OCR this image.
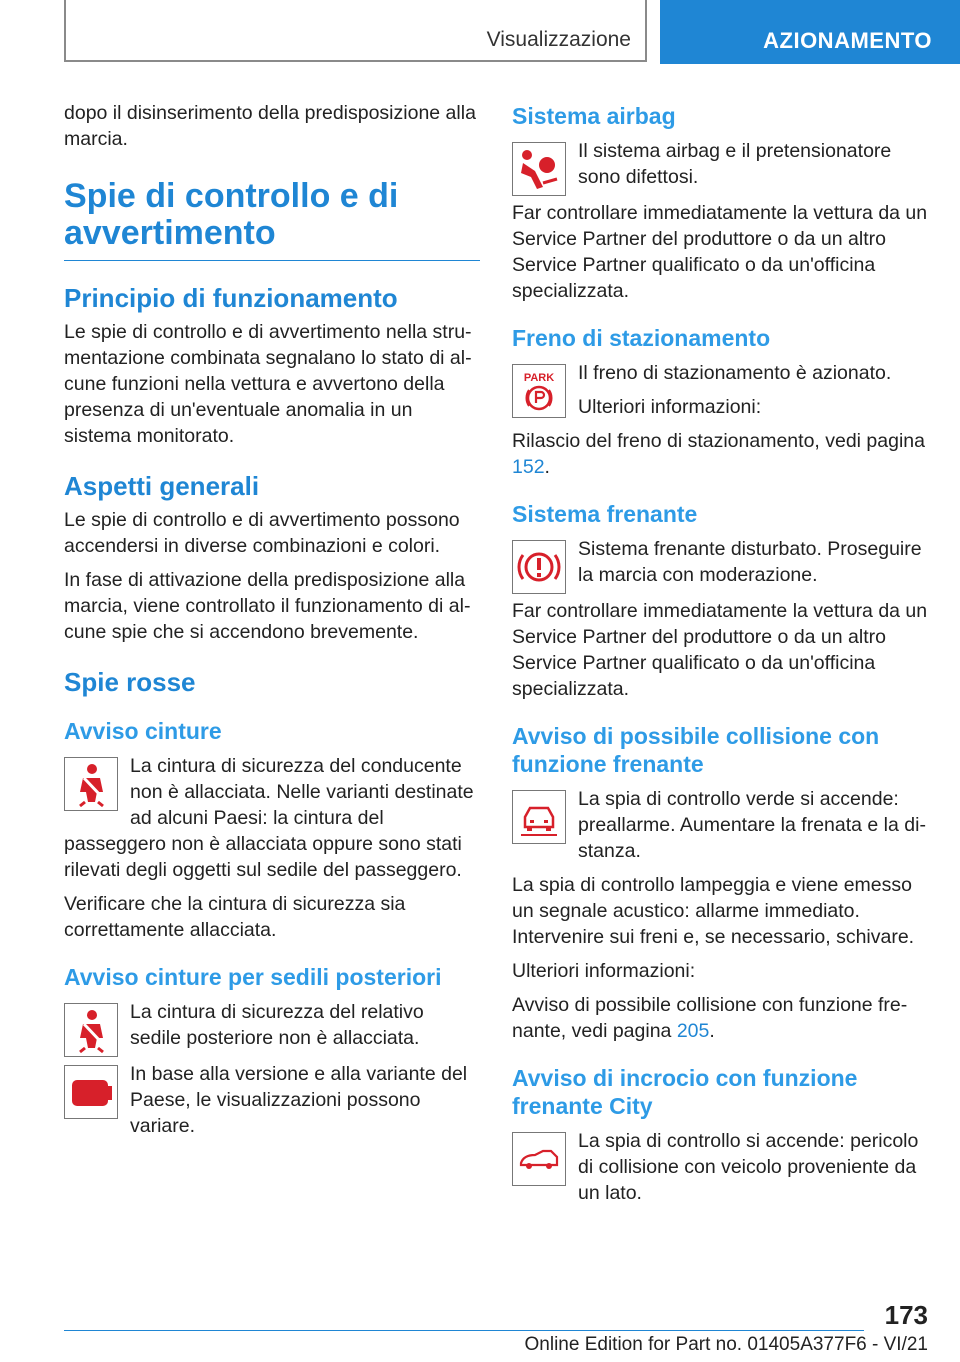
Visualizzazione	AZIONAMENTO

dopo il disinserimento della predisposizione alla marcia.

Spie di controllo e di avvertimento
Principio di funzionamento

Le spie di controllo e di avvertimento nella strumentazione combinata segnalano lo stato di alcune funzioni nella vettura e avvertono della presenza di un'eventuale anomalia in un sistema monitorato.

Aspetti generali

Le spie di controllo e di avvertimento possono accendersi in diverse combinazioni e colori.

In fase di attivazione della predisposizione alla marcia, viene controllato il funzionamento di alcune spie che si accendono brevemente.

Spie rosse
Avviso cinture

La cintura di sicurezza del conducente non è allacciata. Nelle varianti destinate ad alcuni Paesi: la cintura del passeggero non è allacciata oppure sono stati rilevati degli oggetti sul sedile del passeggero.

Verificare che la cintura di sicurezza sia correttamente allacciata.

Avviso cinture per sedili posteriori

La cintura di sicurezza del relativo sedile posteriore non è allacciata.

In base alla versione e alla variante del Paese, le visualizzazioni possono variare.

Sistema airbag

Il sistema airbag e il pretensionatore sono difettosi.

Far controllare immediatamente la vettura da un Service Partner del produttore o da un altro Service Partner qualificato o da un'officina specializzata.

Freno di stazionamento
PARK	Il freno di stazionamento è azionato.

Ulteriori informazioni:

Rilascio del freno di stazionamento, vedi pagina 152.

Sistema frenante

Sistema frenante disturbato. Proseguire la marcia con moderazione.

Far controllare immediatamente la vettura da un Service Partner del produttore o da un altro Service Partner qualificato o da un'officina specializzata.

Avviso di possibile collisione con funzione frenante

La spia di controllo verde si accende: preallarme. Aumentare la frenata e la distanza.

La spia di controllo lampeggia e viene emesso un segnale acustico: allarme immediato. Intervenire sui freni e, se necessario, schivare.

Ulteriori informazioni:

Avviso di possibile collisione con funzione frenante, vedi pagina 205.

Avviso di incrocio con funzione frenante City

La spia di controllo si accende: pericolo di collisione con veicolo proveniente da un lato.

173
Online Edition for Part no. 01405A377F6 - VI/21
